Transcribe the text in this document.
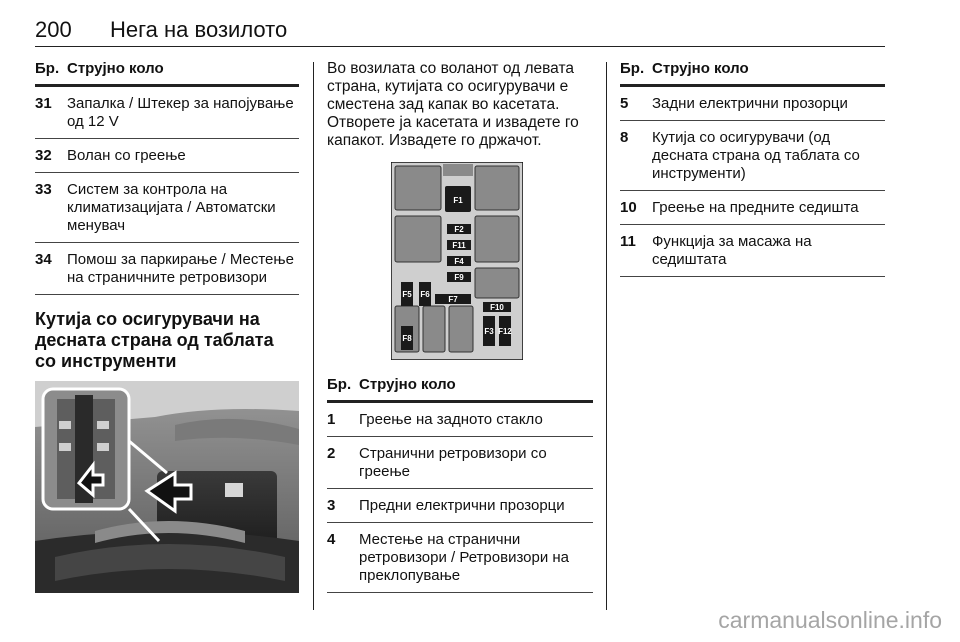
200 Нега на возилото
Бр. Струјно коло
31	Запалка / Штекер за напојување од 12 V
32	Волан со греење
33	Систем за контрола на климатизацијата / Автоматски менувач
34	Помош за паркирање / Местење на страничните ретровизори
Кутија со осигурувачи на десната страна од таблата со инструменти
Во возилата со воланот од левата страна, кутијата со осигурувачи е сместена зад капак во касетата. Отворете ја касетата и извадете го капакот. Извадете го држачот.
F1
F2
F11
F4
F9
F5 F6
F7
F10
F3 F12
F8
Бр. Струјно коло
1	Греење на задното стакло
2	Странични ретровизори со греење
3	Предни електрични прозорци
4	Местење на странични ретровизори / Ретровизори на преклопување
Бр. Струјно коло
5	Задни електрични прозорци
8	Кутија со осигурувачи (од десната страна од таблата со инструменти)
10	Греење на предните седишта
11	Функција за масажа на седиштата
carmanualsonline.info
